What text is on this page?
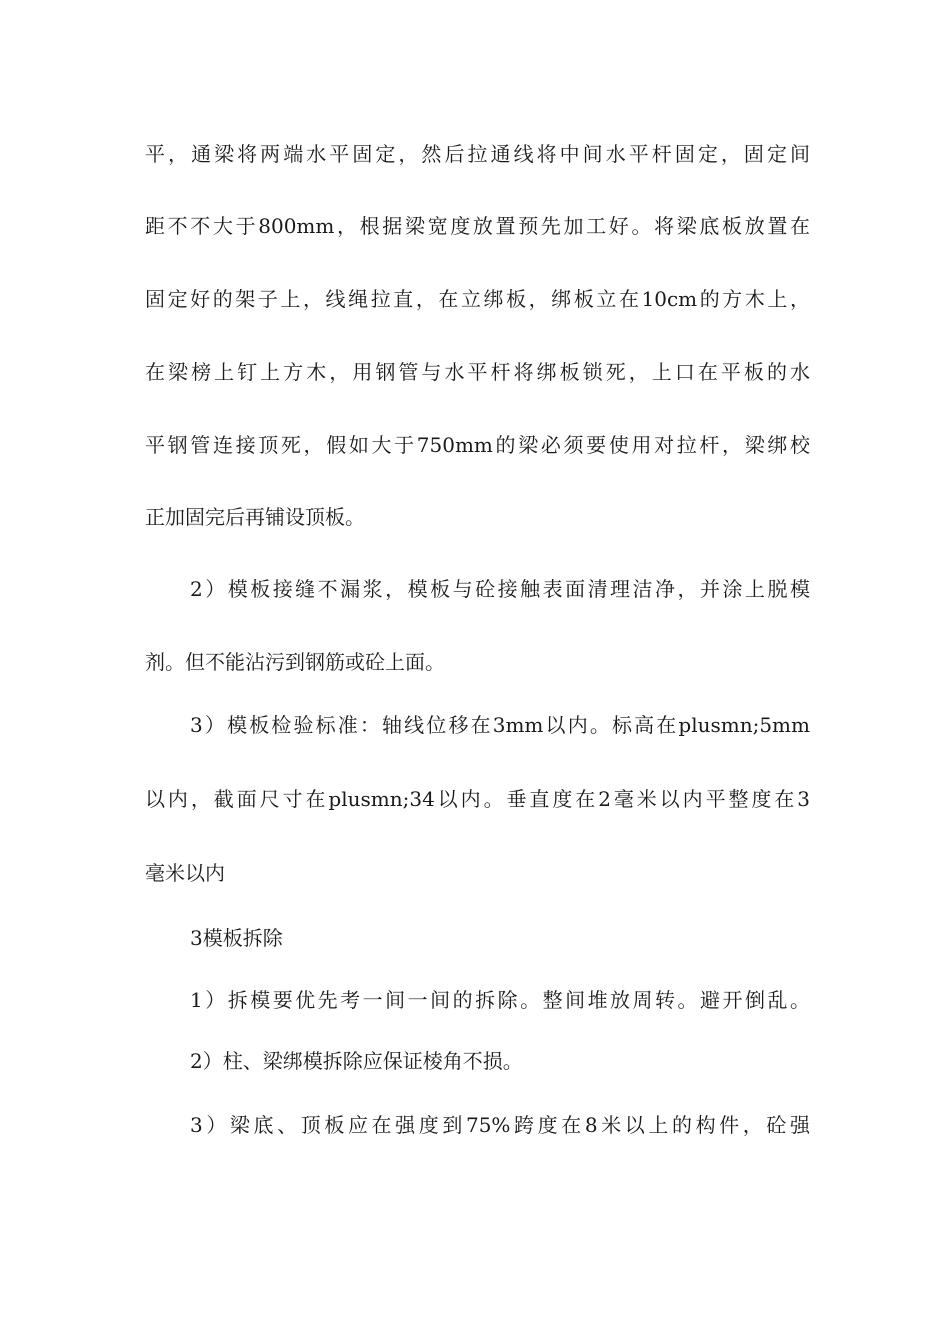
平，通梁将两端水平固定，然后拉通线将中间水平杆固定，固定间
距不不大于800mm，根据梁宽度放置预先加工好。将梁底板放置在
固定好的架子上，线绳拉直，在立绑板，绑板立在10cm的方木上，
在梁榜上钉上方木，用钢管与水平杆将绑板锁死，上口在平板的水
平钢管连接顶死，假如大于750mm的梁必须要使用对拉杆，梁绑校
正加固完后再铺设顶板。
2）模板接缝不漏浆，模板与砼接触表面清理洁净，并涂上脱模
剂。但不能沾污到钢筋或砼上面。
3）模板检验标准：轴线位移在3mm以内。标高在plusmn;5mm
以内，截面尺寸在plusmn;34以内。垂直度在2毫米以内平整度在3
毫米以内
3模板拆除
1）拆模要优先考一间一间的拆除。整间堆放周转。避开倒乱。
2）柱、梁绑模拆除应保证棱角不损。
3）梁底、顶板应在强度到75%跨度在8米以上的构件，砼强
